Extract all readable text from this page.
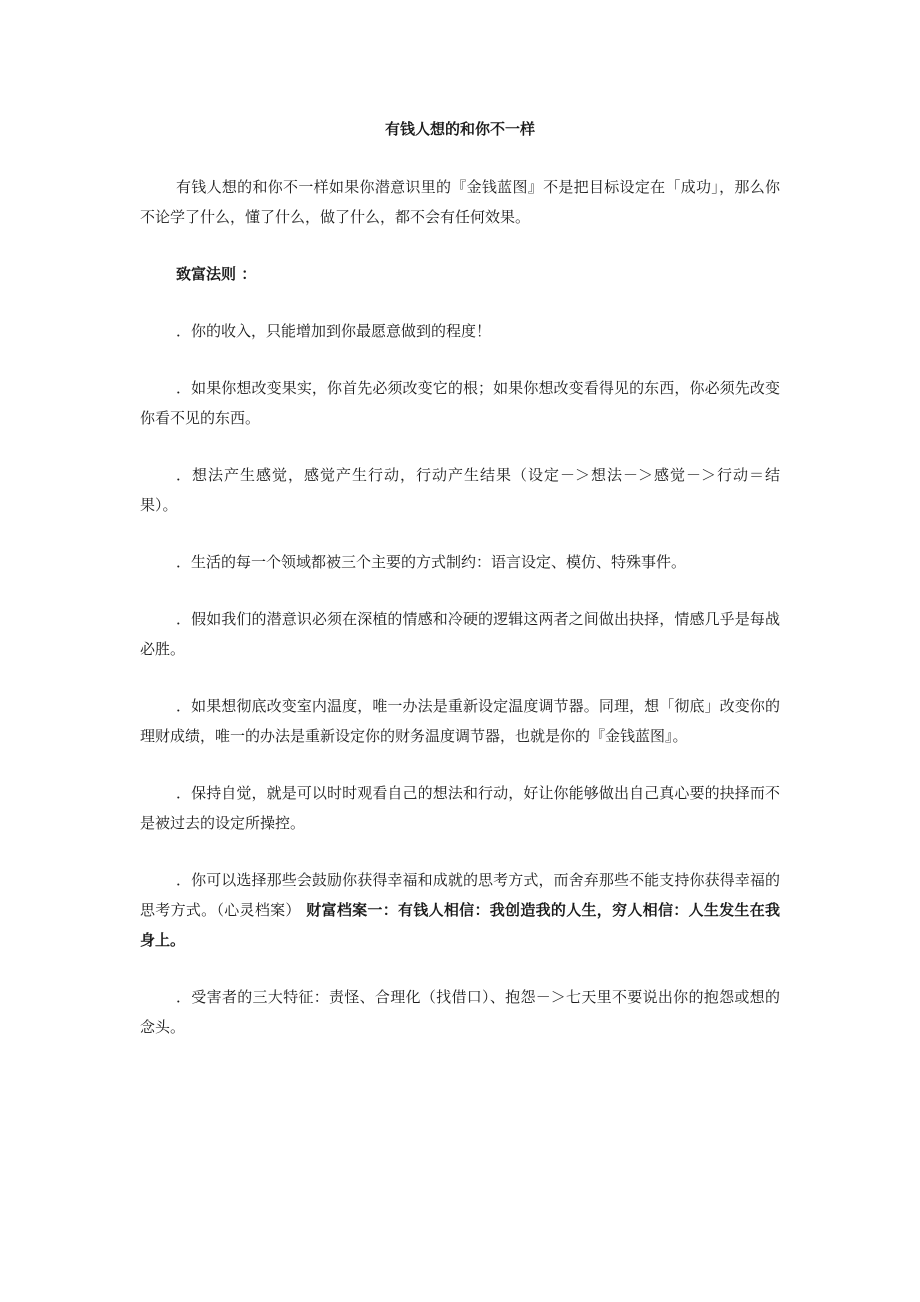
有钱人想的和你不一样

有钱人想的和你不一样如果你潜意识里的『金钱蓝图』不是把目标设定在「成功」，那么你不论学了什么，懂了什么，做了什么，都不会有任何效果。

致富法则 ：

．你的收入，只能增加到你最愿意做到的程度！

．如果你想改变果实，你首先必须改变它的根；如果你想改变看得见的东西，你必须先改变你看不见的东西。

．想法产生感觉，感觉产生行动，行动产生结果（设定－＞想法－＞感觉－＞行动＝结果）。

．生活的每一个领域都被三个主要的方式制约：语言设定、模仿、特殊事件。

．假如我们的潜意识必须在深植的情感和冷硬的逻辑这两者之间做出抉择，情感几乎是每战必胜。

．如果想彻底改变室内温度，唯一办法是重新设定温度调节器。同理，想「彻底」改变你的理财成绩，唯一的办法是重新设定你的财务温度调节器，也就是你的『金钱蓝图』。

．保持自觉，就是可以时时观看自己的想法和行动，好让你能够做出自己真心要的抉择而不是被过去的设定所操控。

．你可以选择那些会鼓励你获得幸福和成就的思考方式，而舍弃那些不能支持你获得幸福的思考方式。（心灵档案） 财富档案一：有钱人相信：我创造我的人生，穷人相信：人生发生在我身上。

．受害者的三大特征：责怪、合理化（找借口）、抱怨－＞七天里不要说出你的抱怨或想的念头。
